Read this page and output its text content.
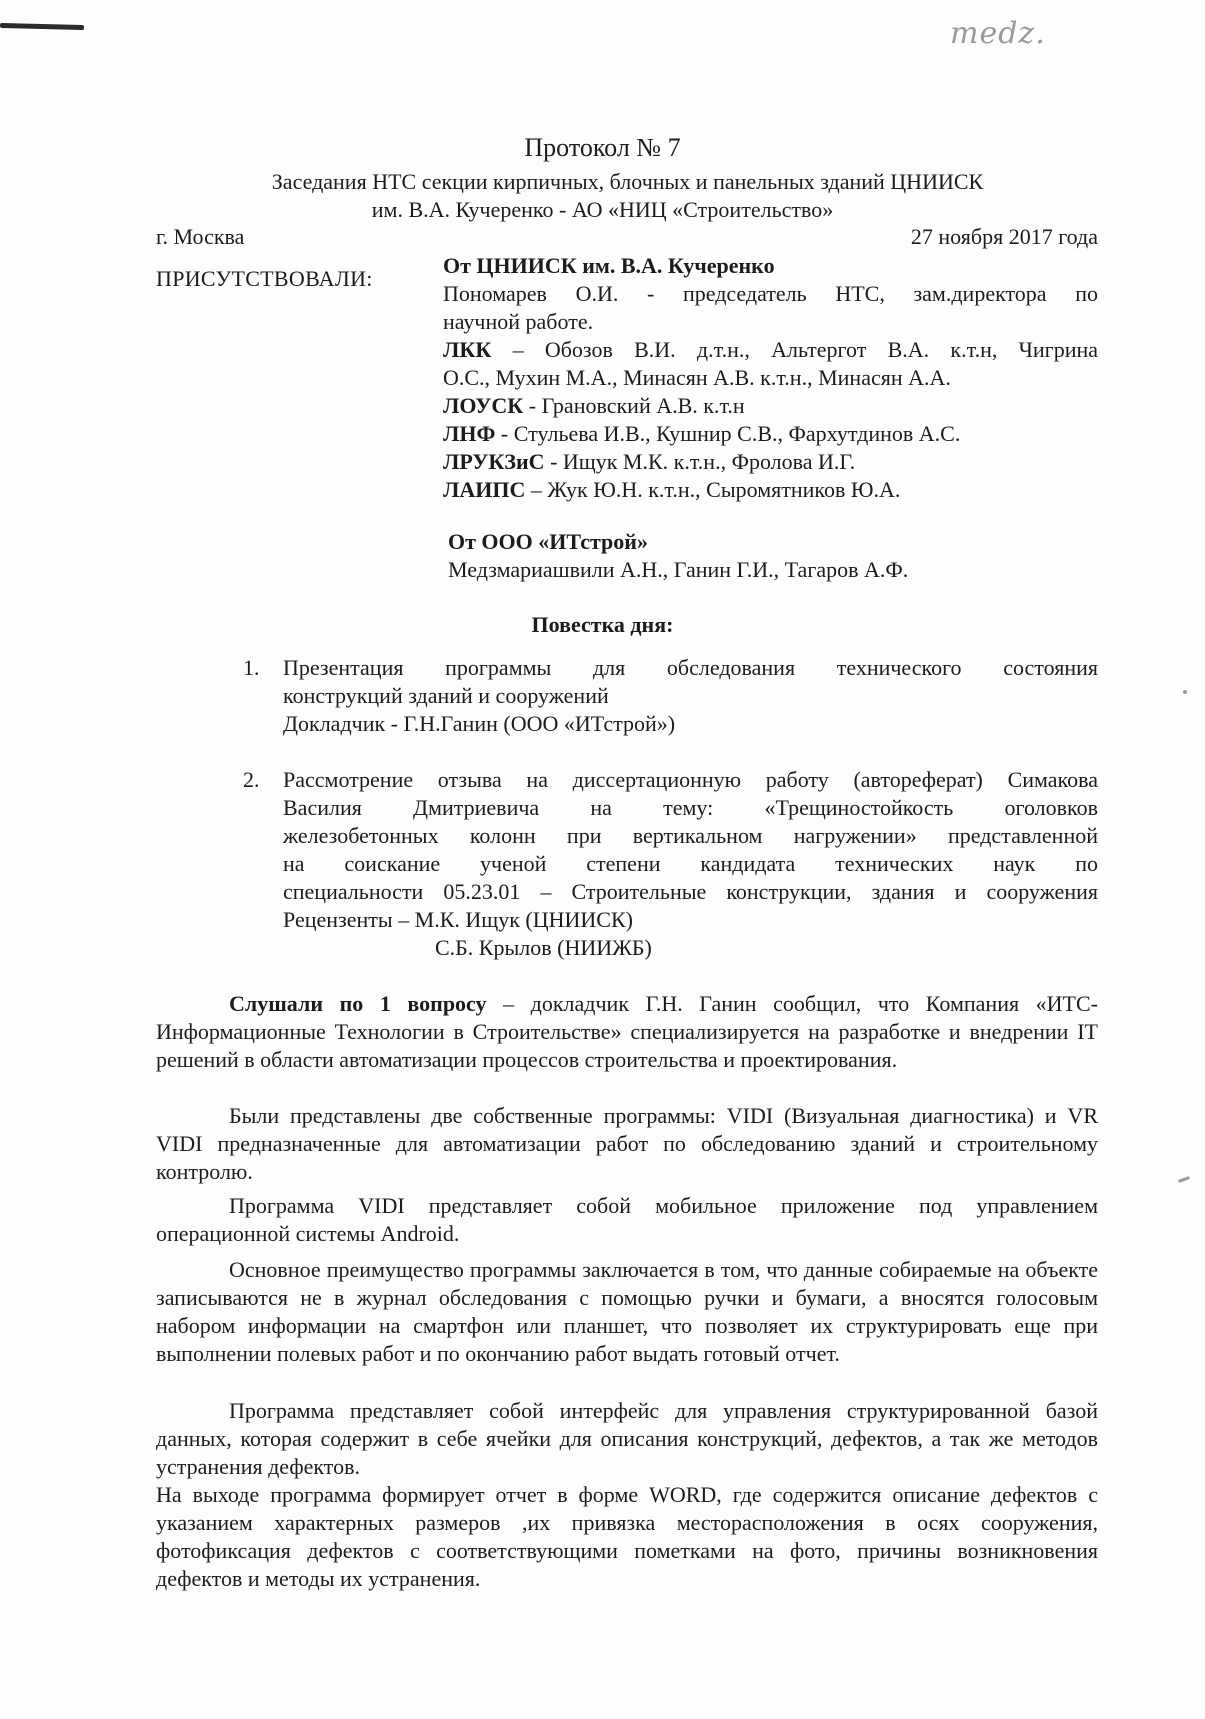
medz.
Протокол № 7
Заседания НТС секции кирпичных, блочных и панельных зданий ЦНИИСК
им. В.А. Кучеренко - АО «НИЦ «Строительство»
г. Москва	27 ноября 2017 года
ПРИСУТСТВОВАЛИ:
От ЦНИИСК им. В.А. Кучеренко
Пономарев О.И. - председатель НТС, зам.директора по
научной работе.
ЛКК – Обозов В.И. д.т.н., Альтергот В.А. к.т.н, Чигрина
О.С., Мухин М.А., Минасян А.В. к.т.н., Минасян А.А.
ЛОУСК - Грановский А.В. к.т.н
ЛНФ - Стульева И.В., Кушнир С.В., Фархутдинов А.С.
ЛРУКЗиС - Ищук М.К. к.т.н., Фролова И.Г.
ЛАИПС – Жук Ю.Н. к.т.н., Сыромятников Ю.А.
От ООО «ИТстрой»
Медзмариашвили А.Н., Ганин Г.И., Тагаров А.Ф.
Повестка дня:
1. Презентация программы для обследования технического состояния
конструкций зданий и сооружений
Докладчик - Г.Н.Ганин (ООО «ИТстрой»)
2. Рассмотрение отзыва на диссертационную работу (автореферат) Симакова
Василия Дмитриевича на тему: «Трещиностойкость оголовков
железобетонных колонн при вертикальном нагружении» представленной
на соискание ученой степени кандидата технических наук по
специальности 05.23.01 – Строительные конструкции, здания и сооружения
Рецензенты – М.К. Ищук (ЦНИИСК)
С.Б. Крылов (НИИЖБ)
Слушали по 1 вопросу – докладчик Г.Н. Ганин сообщил, что Компания «ИТС-Информационные Технологии в Строительстве» специализируется на разработке и внедрении IT решений в области автоматизации процессов строительства и проектирования.
Были представлены две собственные программы: VIDI (Визуальная диагностика) и VR VIDI предназначенные для автоматизации работ по обследованию зданий и строительному контролю.
Программа VIDI представляет собой мобильное приложение под управлением операционной системы Android.
Основное преимущество программы заключается в том, что данные собираемые на объекте записываются не в журнал обследования с помощью ручки и бумаги, а вносятся голосовым набором информации на смартфон или планшет, что позволяет их структурировать еще при выполнении полевых работ и по окончанию работ выдать готовый отчет.
Программа представляет собой интерфейс для управления структурированной базой данных, которая содержит в себе ячейки для описания конструкций, дефектов, а так же методов устранения дефектов.
На выходе программа формирует отчет в форме WORD, где содержится описание дефектов с указанием характерных размеров ,их привязка месторасположения в осях сооружения, фотофиксация дефектов с соответствующими пометками на фото, причины возникновения дефектов и методы их устранения.
